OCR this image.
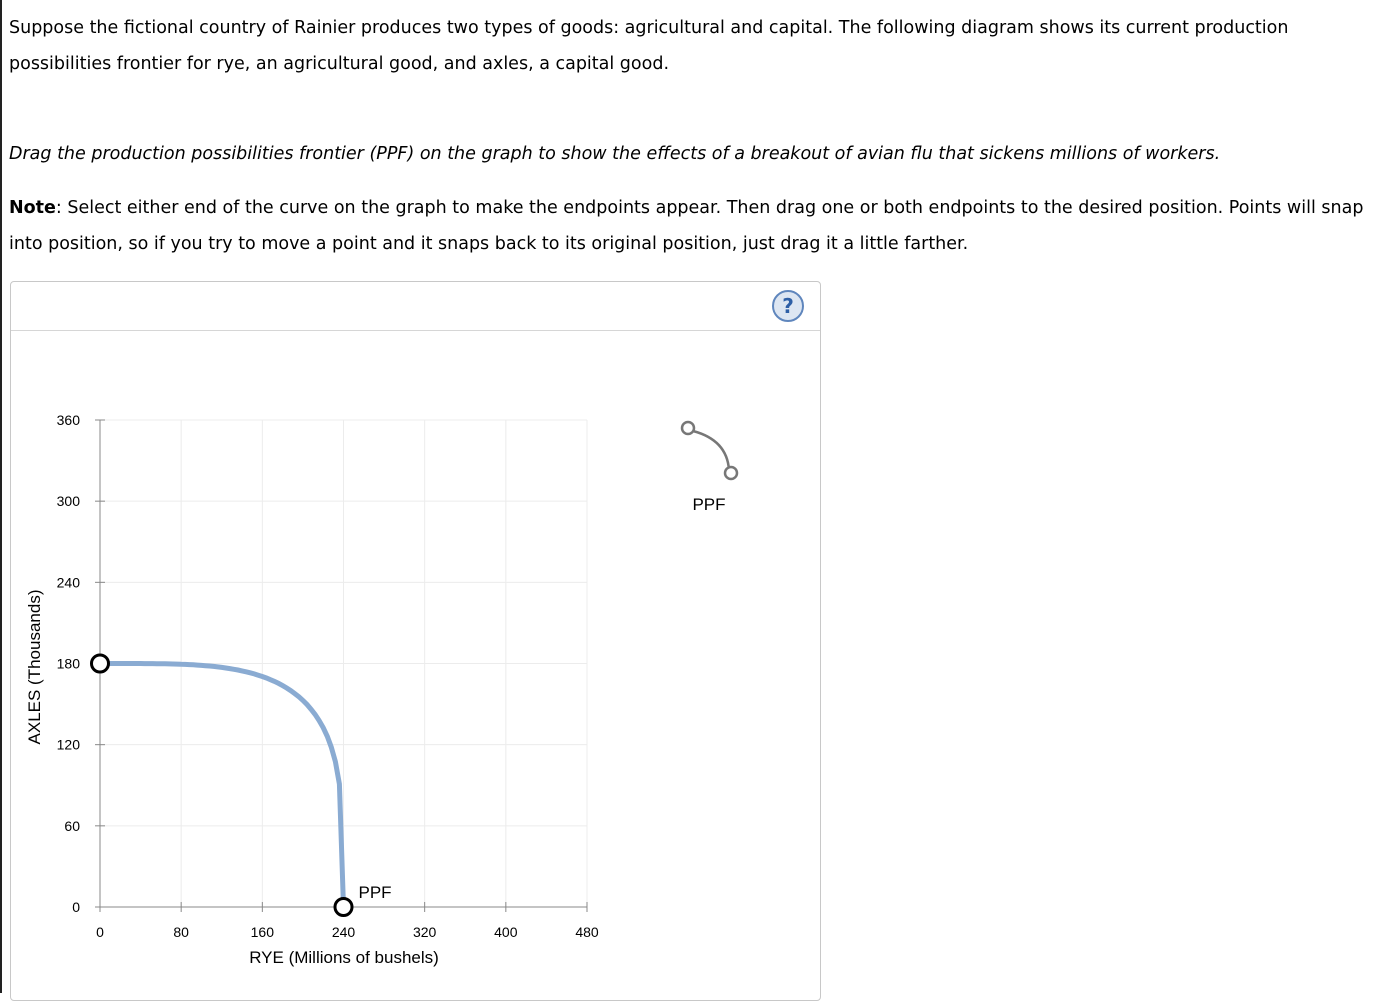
Suppose the fictional country of Rainier produces two types of goods: agricultural and capital. The following diagram shows its current production possibilities frontier for rye, an agricultural good, and axles, a capital good.
Drag the production possibilities frontier (PPF) on the graph to show the effects of a breakout of avian flu that sickens millions of workers.
Note: Select either end of the curve on the graph to make the endpoints appear. Then drag one or both endpoints to the desired position. Points will snap into position, so if you try to move a point and it snaps back to its original position, just drag it a little farther.
?
0	80	160	240	320	400	480
0
60
120
180
240
300
360
RYE (Millions of bushels)
AXLES (Thousands)
PPF
PPF
